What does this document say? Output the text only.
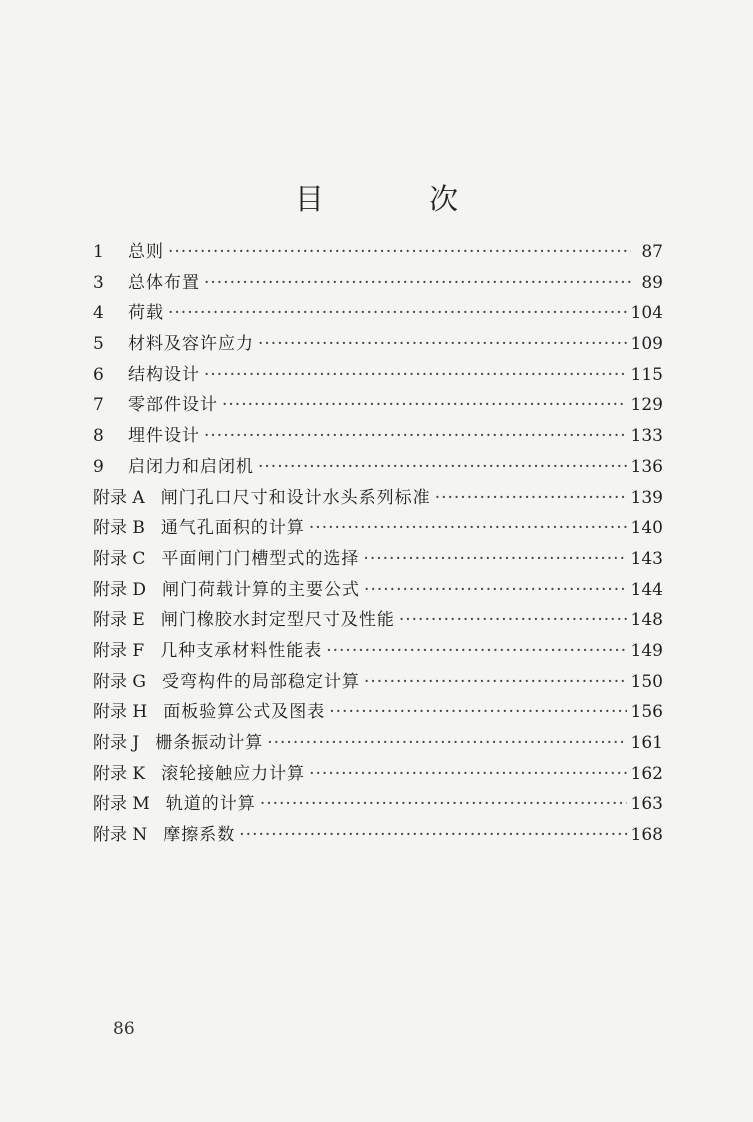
目 次
1	总则 ·····	87
3	总体布置 ·····	89
4	荷载 ·····	104
5	材料及容许应力 ·····	109
6	结构设计 ·····	115
7	零部件设计 ·····	129
8	埋件设计 ·····	133
9	启闭力和启闭机 ·····	136
附录 A 闸门孔口尺寸和设计水头系列标准 ·····	139
附录 B 通气孔面积的计算 ·····	140
附录 C 平面闸门门槽型式的选择 ·····	143
附录 D 闸门荷载计算的主要公式 ·····	144
附录 E 闸门橡胶水封定型尺寸及性能 ·····	148
附录 F 几种支承材料性能表 ·····	149
附录 G 受弯构件的局部稳定计算 ·····	150
附录 H 面板验算公式及图表 ·····	156
附录 J 栅条振动计算 ·····	161
附录 K 滚轮接触应力计算 ·····	162
附录 M 轨道的计算 ·····	163
附录 N 摩擦系数 ·····	168
86
